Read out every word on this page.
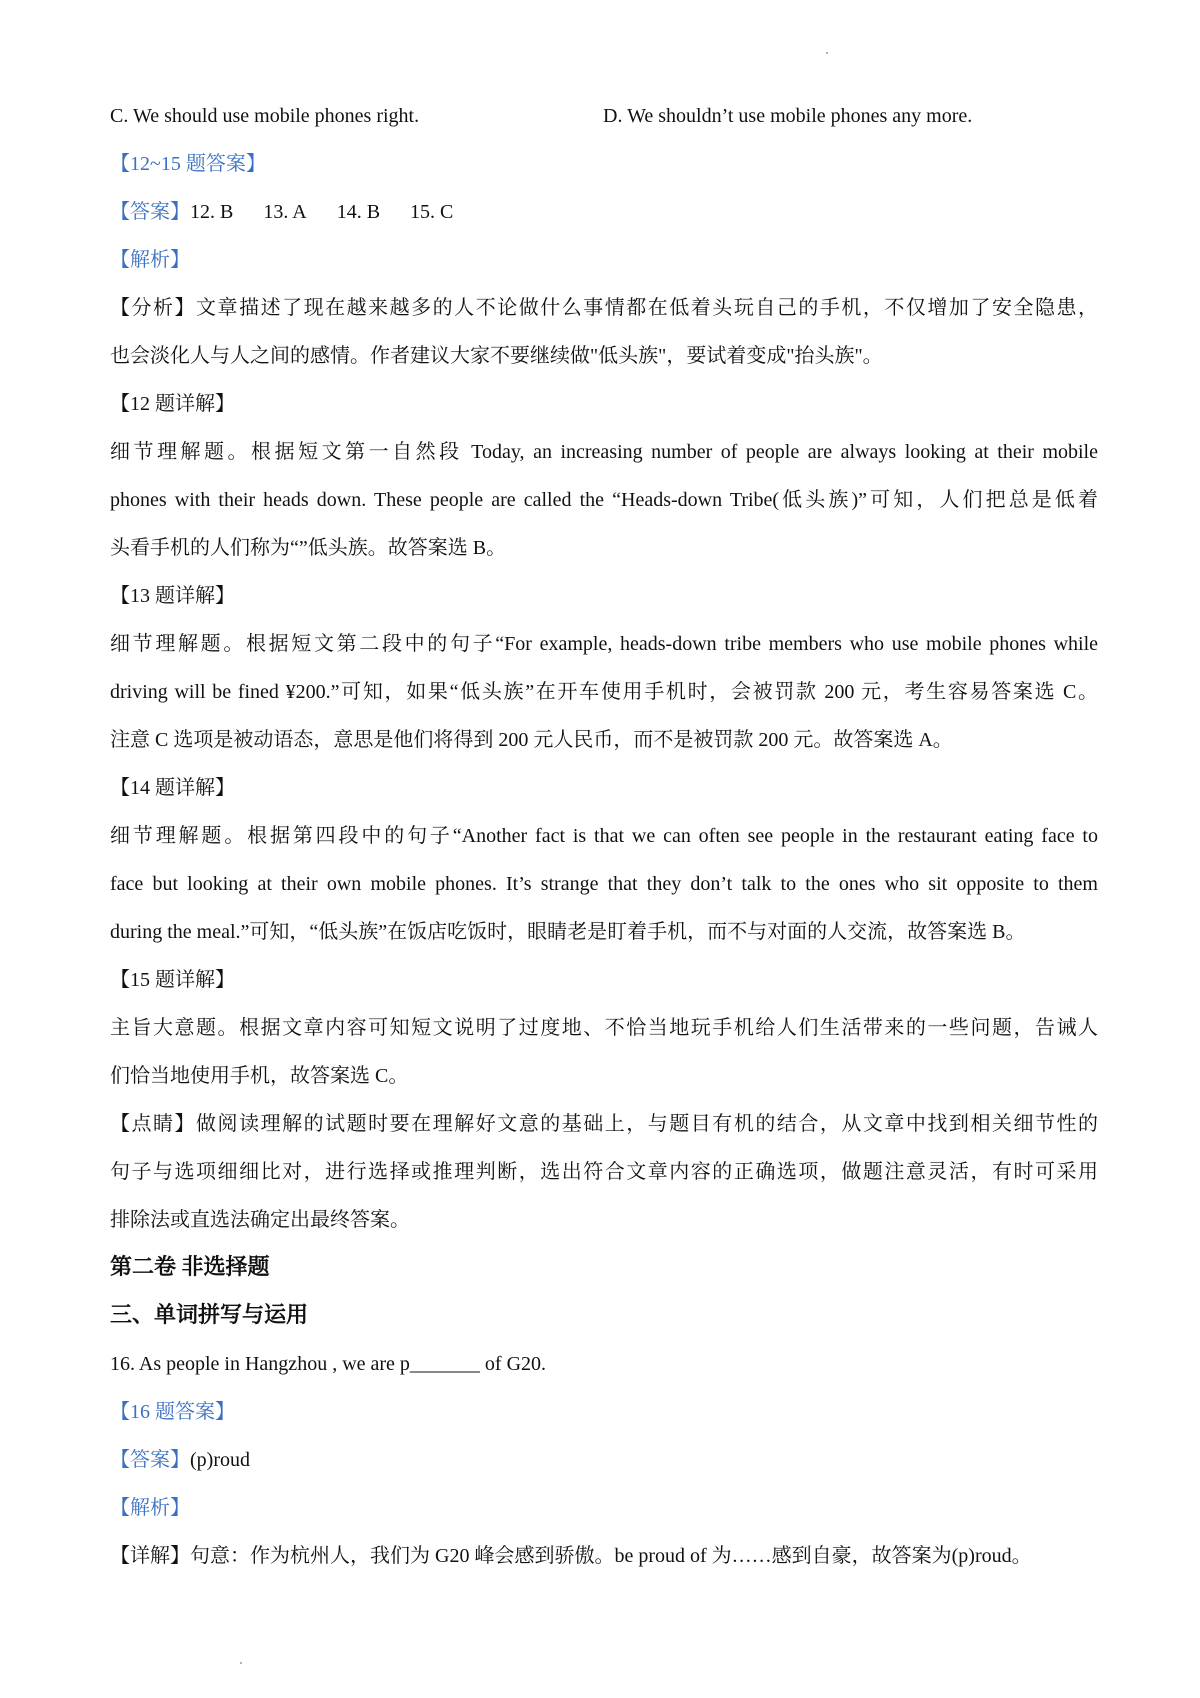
C. We should use mobile phones right.	D. We shouldn’t use mobile phones any more.
【12~15 题答案】
【答案】12. B 13. A 14. B 15. C
【解析】
【分析】文章描述了现在越来越多的人不论做什么事情都在低着头玩自己的手机，不仅增加了安全隐患，
也会淡化人与人之间的感情。作者建议大家不要继续做"低头族"，要试着变成"抬头族"。
【12 题详解】
细节理解题。根据短文第一自然段 Today, an increasing number of people are always looking at their mobile
phones with their heads down. These people are called the “Heads-down Tribe(低头族)”可知，人们把总是低着
头看手机的人们称为“”低头族。故答案选 B。
【13 题详解】
细节理解题。根据短文第二段中的句子“For example, heads-down tribe members who use mobile phones while
driving will be fined ¥200.”可知，如果“低头族”在开车使用手机时，会被罚款 200 元，考生容易答案选 C。
注意 C 选项是被动语态，意思是他们将得到 200 元人民币，而不是被罚款 200 元。故答案选 A。
【14 题详解】
细节理解题。根据第四段中的句子“Another fact is that we can often see people in the restaurant eating face to
face but looking at their own mobile phones. It’s strange that they don’t talk to the ones who sit opposite to them
during the meal.”可知，“低头族”在饭店吃饭时，眼睛老是盯着手机，而不与对面的人交流，故答案选 B。
【15 题详解】
主旨大意题。根据文章内容可知短文说明了过度地、不恰当地玩手机给人们生活带来的一些问题，告诫人
们恰当地使用手机，故答案选 C。
【点睛】做阅读理解的试题时要在理解好文意的基础上，与题目有机的结合，从文章中找到相关细节性的
句子与选项细细比对，进行选择或推理判断，选出符合文章内容的正确选项，做题注意灵活，有时可采用
排除法或直选法确定出最终答案。
第二卷 非选择题
三、单词拼写与运用
16. As people in Hangzhou , we are p_______ of G20.
【16 题答案】
【答案】(p)roud
【解析】
【详解】句意：作为杭州人，我们为 G20 峰会感到骄傲。be proud of 为……感到自豪，故答案为(p)roud。
